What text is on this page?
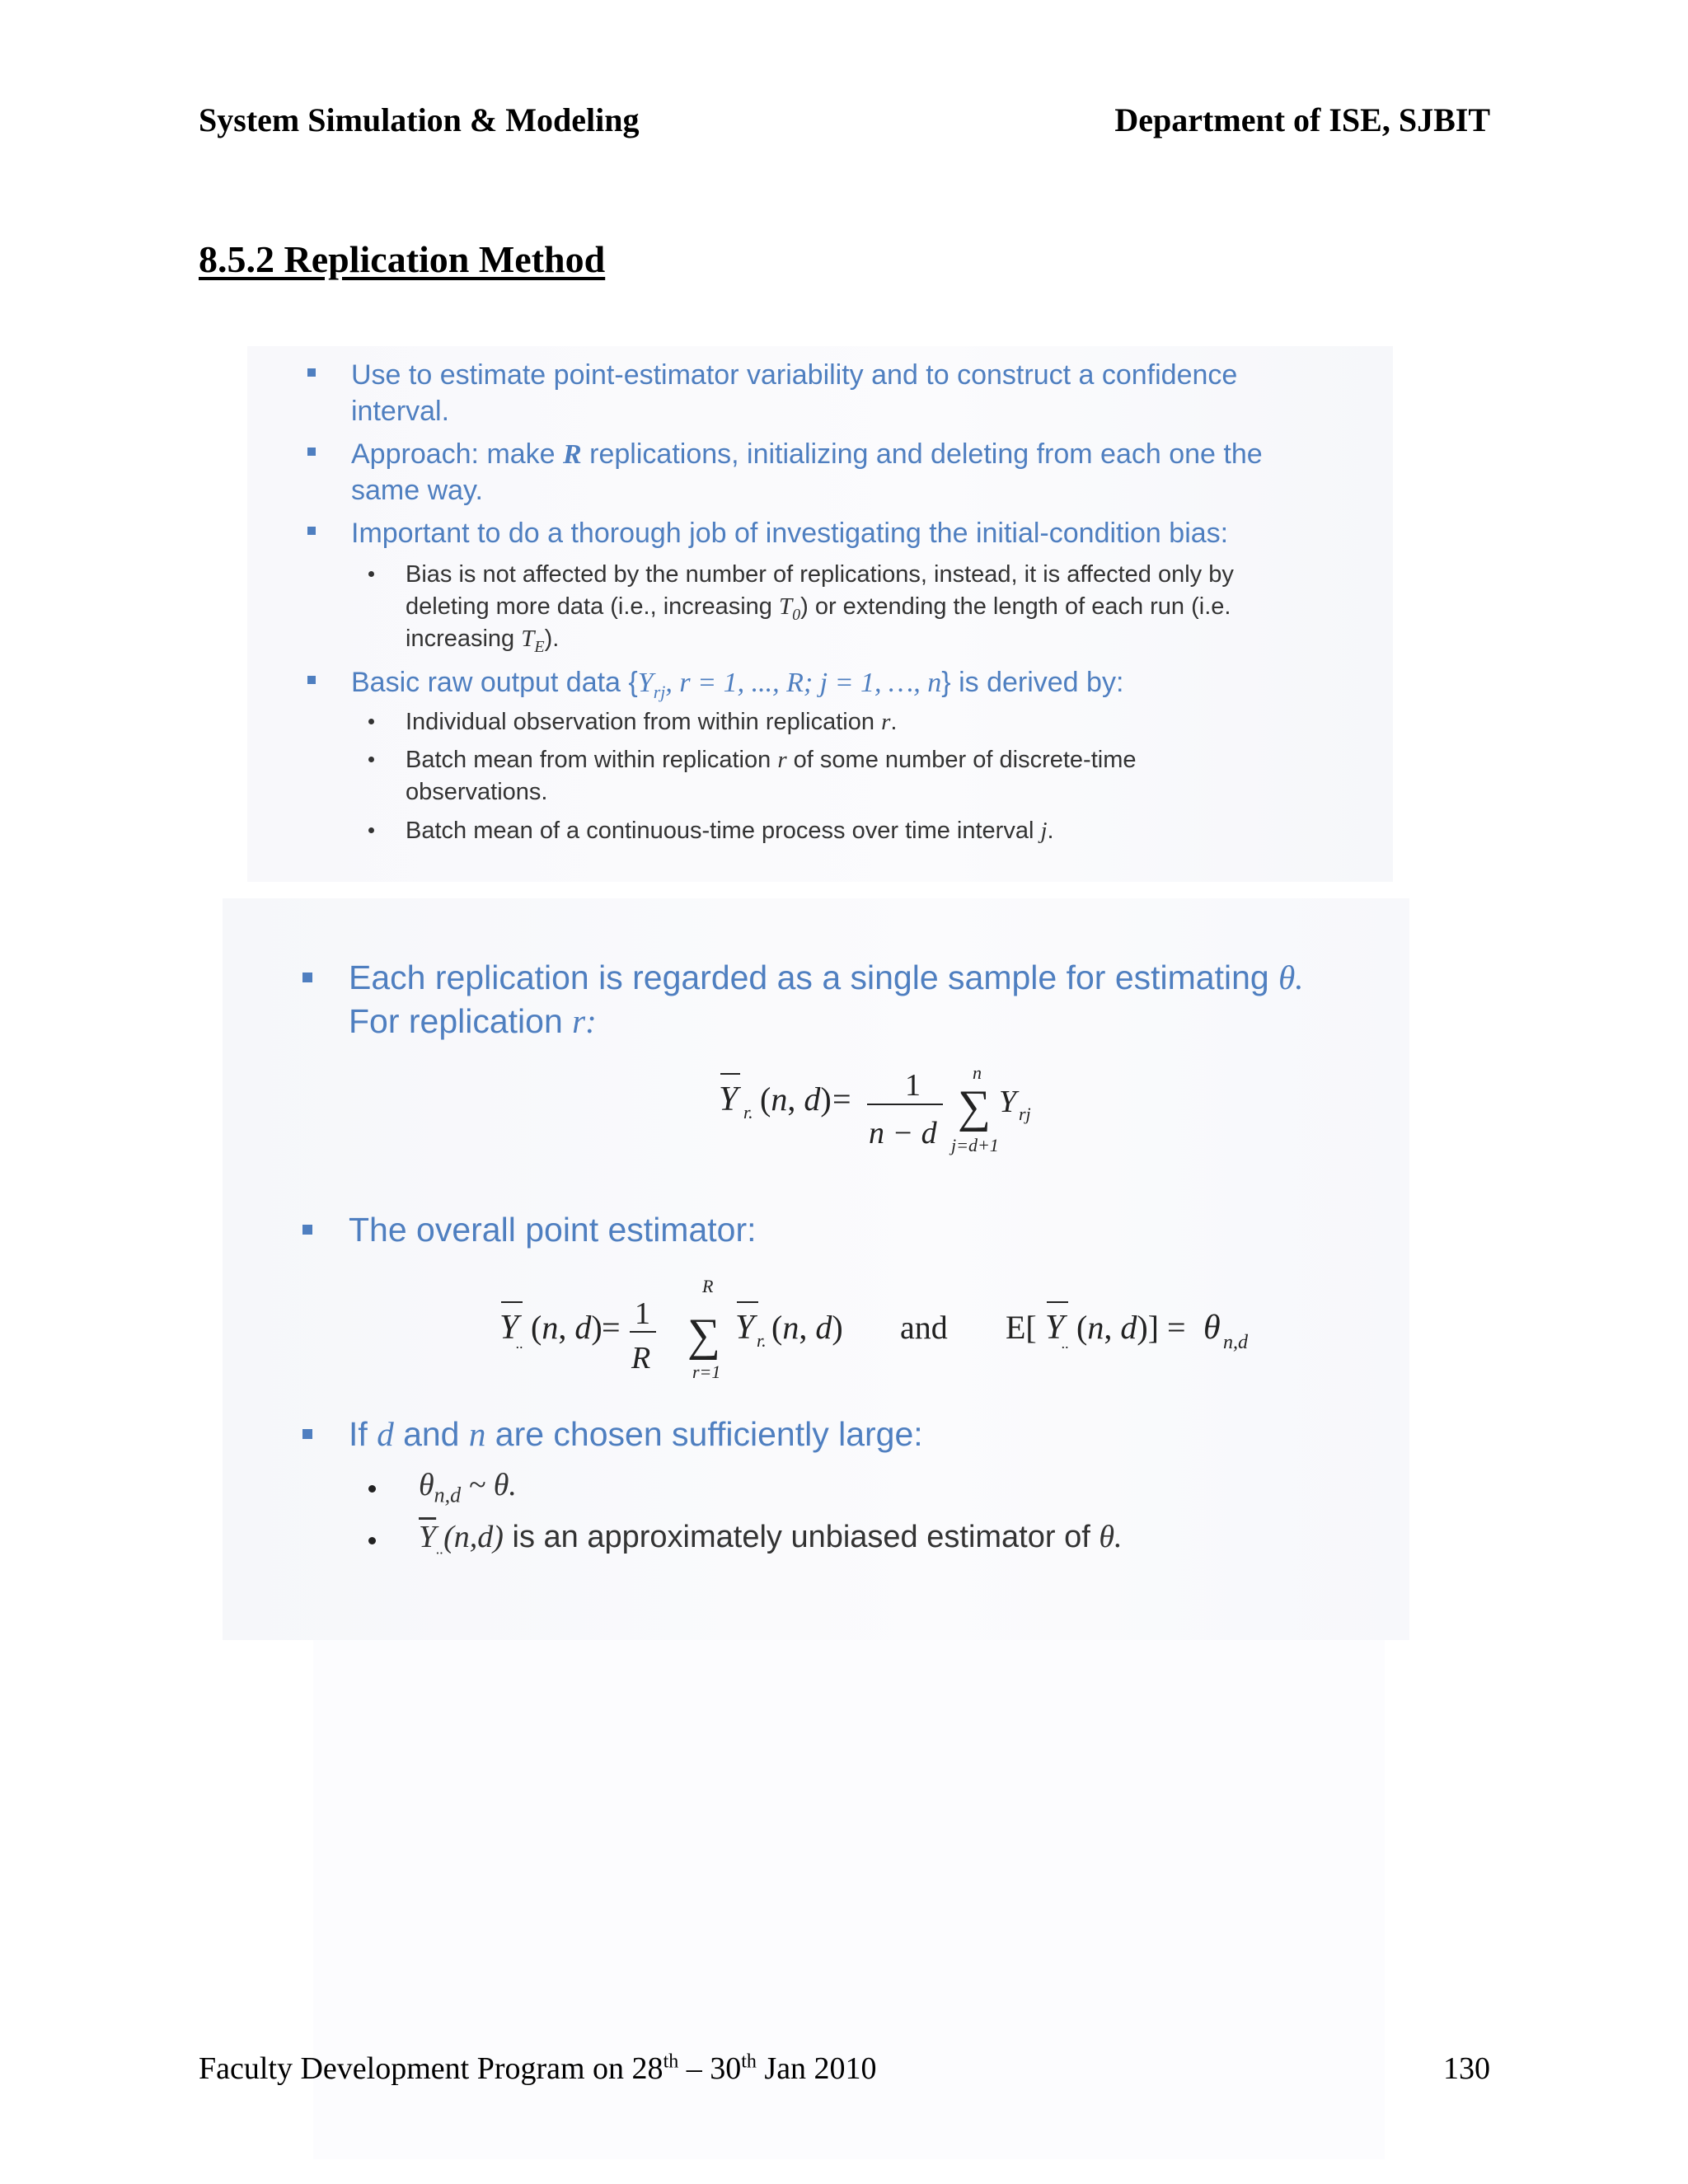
System Simulation & Modeling	Department of ISE, SJBIT
8.5.2 Replication Method
Use to estimate point-estimator variability and to construct a confidence
interval.
Approach: make R replications, initializing and deleting from each one the
same way.
Important to do a thorough job of investigating the initial-condition bias:
Bias is not affected by the number of replications, instead, it is affected only by
deleting more data (i.e., increasing $T_0$) or extending the length of each run (i.e.
increasing $T_E$).
Basic raw output data {$Y_{rj}$, r = 1, ..., R; j = 1, …, n} is derived by:
Individual observation from within replication r.
Batch mean from within replication r of some number of discrete-time
observations.
Batch mean of a continuous-time process over time interval j.
Each replication is regarded as a single sample for estimating θ.
For replication r:
Y r. (n, d) = 1
n − d
n
∑ Y rj
j=d+1
The overall point estimator:
Y
.. (n, d) = 1
R
R
∑
r=1
Y r. (n, d) and E[ Y
.. (n, d)] = θ n,d
If d and n are chosen sufficiently large:
$\theta_{n,d}$ ~ θ.
$\overline{Y}_{..}(n,d)$ is an approximately unbiased estimator of θ.
Faculty Development Program on 28th – 30th Jan 2010	130
